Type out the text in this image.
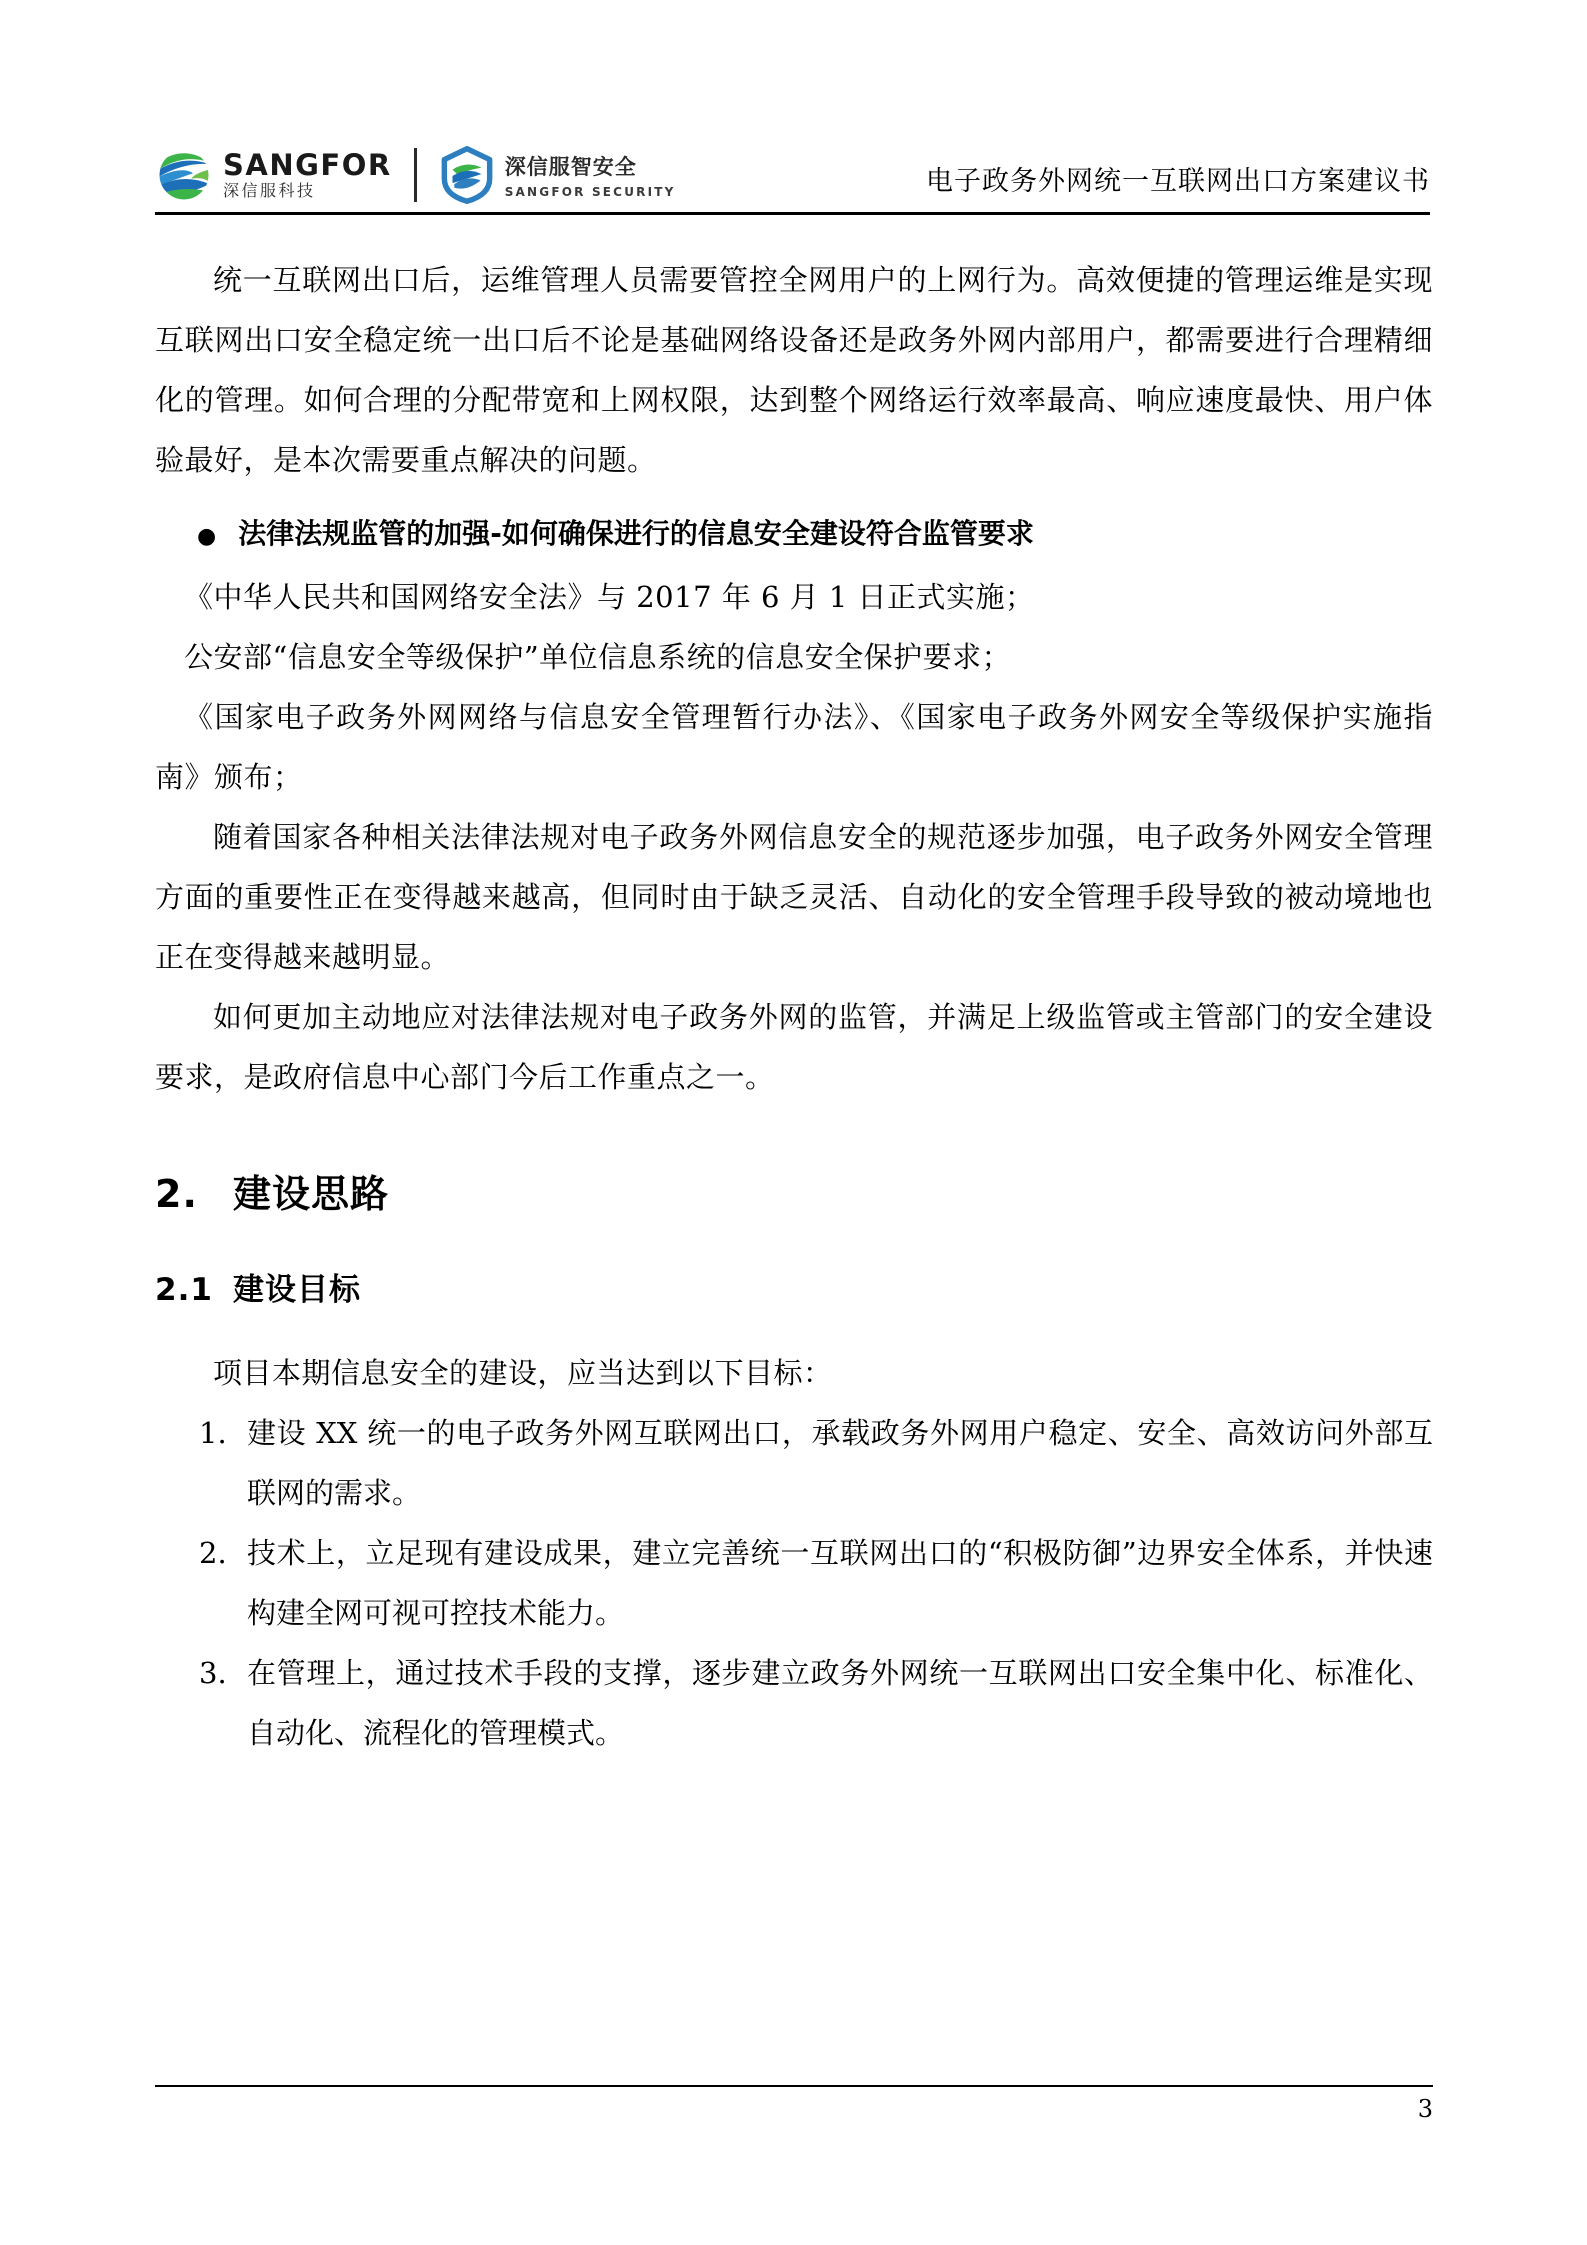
SANGFOR
深信服科技
深信服智安全
SANGFOR SECURITY	电子政务外网统一互联网出口方案建议书

统一互联网出口后，运维管理人员需要管控全网用户的上网行为。高效便捷的管理运维是实现互联网出口安全稳定统一出口后不论是基础网络设备还是政务外网内部用户，都需要进行合理精细化的管理。如何合理的分配带宽和上网权限，达到整个网络运行效率最高、响应速度最快、用户体验最好，是本次需要重点解决的问题。

● 法律法规监管的加强-如何确保进行的信息安全建设符合监管要求

《中华人民共和国网络安全法》与 2017 年 6 月 1 日正式实施；

公安部“信息安全等级保护”单位信息系统的信息安全保护要求；

《国家电子政务外网网络与信息安全管理暂行办法》、《国家电子政务外网安全等级保护实施指南》颁布；

随着国家各种相关法律法规对电子政务外网信息安全的规范逐步加强，电子政务外网安全管理方面的重要性正在变得越来越高，但同时由于缺乏灵活、自动化的安全管理手段导致的被动境地也正在变得越来越明显。

如何更加主动地应对法律法规对电子政务外网的监管，并满足上级监管或主管部门的安全建设要求，是政府信息中心部门今后工作重点之一。

2. 建设思路
2.1 建设目标

项目本期信息安全的建设，应当达到以下目标：

1. 建设 XX 统一的电子政务外网互联网出口，承载政务外网用户稳定、安全、高效访问外部互联网的需求。
2. 技术上，立足现有建设成果，建立完善统一互联网出口的“积极防御”边界安全体系，并快速构建全网可视可控技术能力。
3. 在管理上，通过技术手段的支撑，逐步建立政务外网统一互联网出口安全集中化、标准化、自动化、流程化的管理模式。
3
